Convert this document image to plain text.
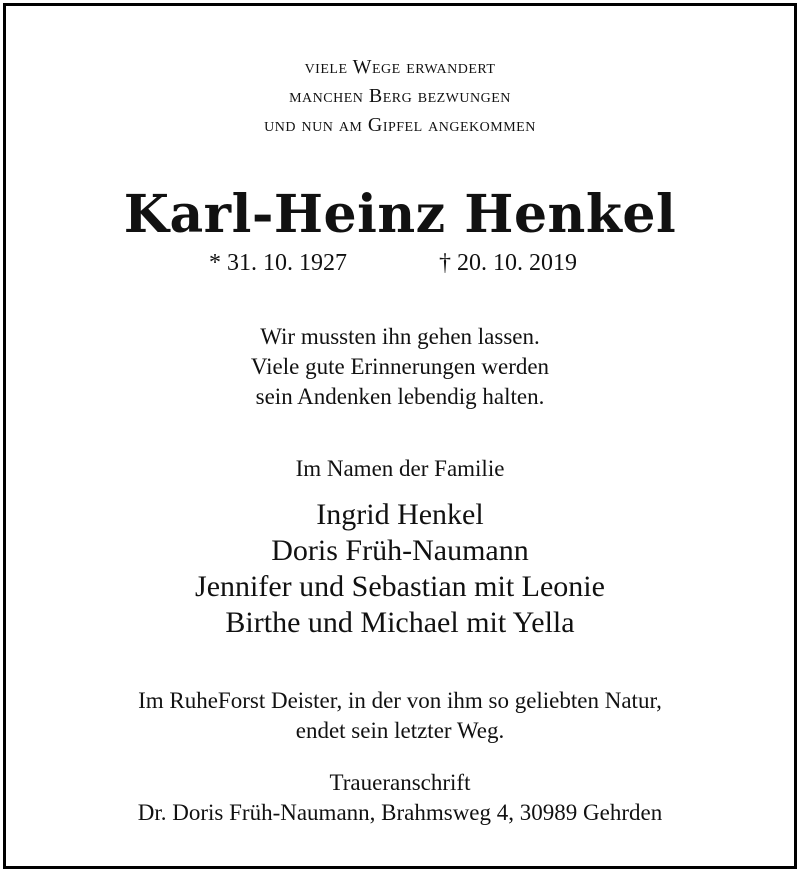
viele Wege erwandert
manchen Berg bezwungen
und nun am Gipfel angekommen
Karl-Heinz Henkel
* 31. 10. 1927	† 20. 10. 2019
Wir mussten ihn gehen lassen.
Viele gute Erinnerungen werden
sein Andenken lebendig halten.
Im Namen der Familie
Ingrid Henkel
Doris Früh-Naumann
Jennifer und Sebastian mit Leonie
Birthe und Michael mit Yella
Im RuheForst Deister, in der von ihm so geliebten Natur,
endet sein letzter Weg.
Traueranschrift
Dr. Doris Früh-Naumann, Brahmsweg 4, 30989 Gehrden
